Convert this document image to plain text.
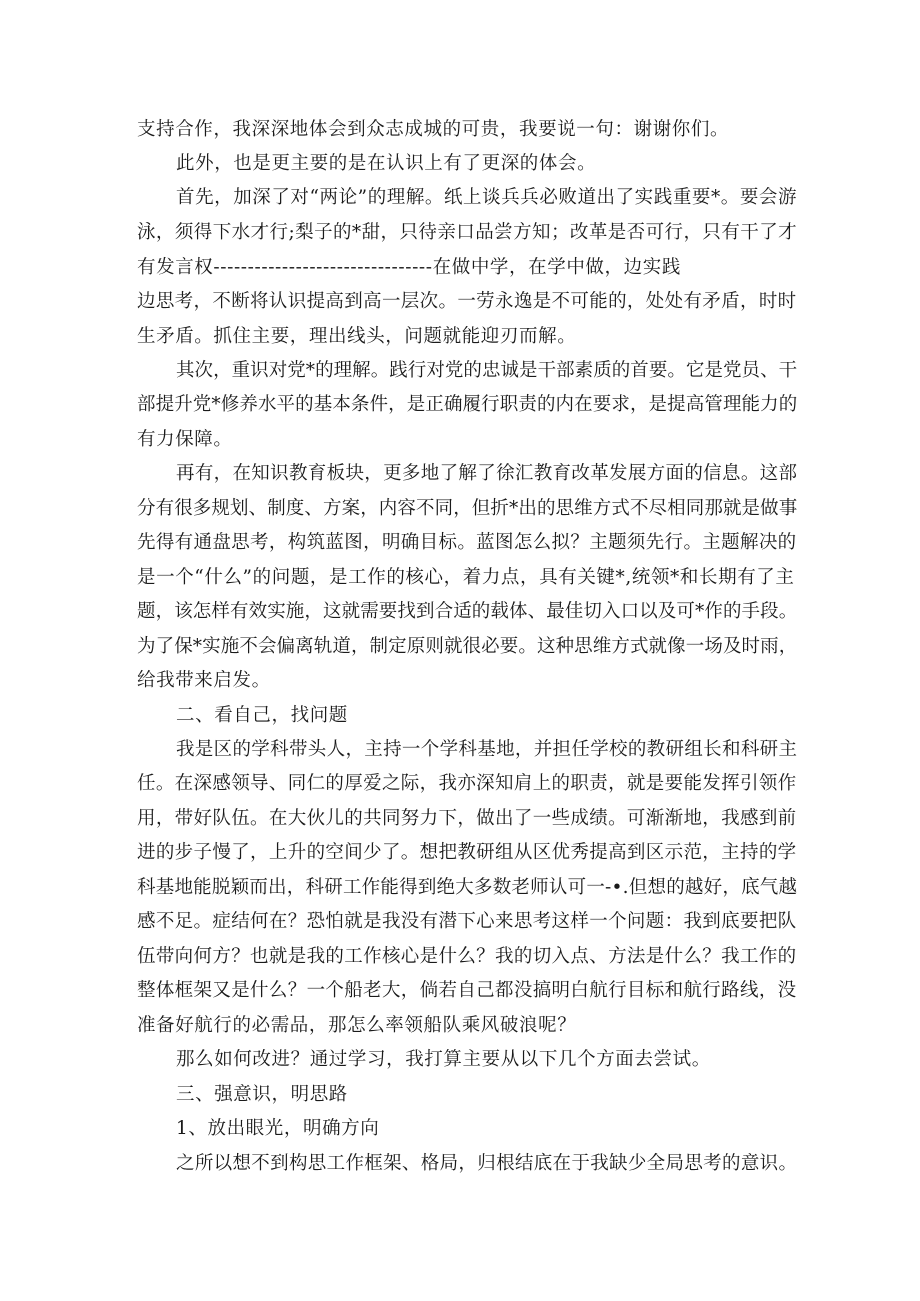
支持合作，我深深地体会到众志成城的可贵，我要说一句：谢谢你们。
此外，也是更主要的是在认识上有了更深的体会。
首先，加深了对“两论”的理解。纸上谈兵兵必败道出了实践重要*。要会游
泳，须得下水才行;梨子的*甜，只待亲口品尝方知；改革是否可行，只有干了才
有发言权--------------------------------在做中学，在学中做，边实践
边思考，不断将认识提高到高一层次。一劳永逸是不可能的，处处有矛盾，时时
生矛盾。抓住主要，理出线头，问题就能迎刃而解。
其次，重识对党*的理解。践行对党的忠诚是干部素质的首要。它是党员、干
部提升党*修养水平的基本条件，是正确履行职责的内在要求，是提高管理能力的
有力保障。
再有，在知识教育板块，更多地了解了徐汇教育改革发展方面的信息。这部
分有很多规划、制度、方案，内容不同，但折*出的思维方式不尽相同那就是做事
先得有通盘思考，构筑蓝图，明确目标。蓝图怎么拟？主题须先行。主题解决的
是一个“什么”的问题，是工作的核心，着力点，具有关键*,统领*和长期有了主
题，该怎样有效实施，这就需要找到合适的载体、最佳切入口以及可*作的手段。
为了保*实施不会偏离轨道，制定原则就很必要。这种思维方式就像一场及时雨，
给我带来启发。
二、看自己，找问题
我是区的学科带头人，主持一个学科基地，并担任学校的教研组长和科研主
任。在深感领导、同仁的厚爱之际，我亦深知肩上的职责，就是要能发挥引领作
用，带好队伍。在大伙儿的共同努力下，做出了一些成绩。可渐渐地，我感到前
进的步子慢了，上升的空间少了。想把教研组从区优秀提高到区示范，主持的学
科基地能脱颖而出，科研工作能得到绝大多数老师认可一-•.但想的越好，底气越
感不足。症结何在？恐怕就是我没有潜下心来思考这样一个问题：我到底要把队
伍带向何方？也就是我的工作核心是什么？我的切入点、方法是什么？我工作的
整体框架又是什么？一个船老大，倘若自己都没搞明白航行目标和航行路线，没
准备好航行的必需品，那怎么率领船队乘风破浪呢？
那么如何改进？通过学习，我打算主要从以下几个方面去尝试。
三、强意识，明思路
1、放出眼光，明确方向
之所以想不到构思工作框架、格局，归根结底在于我缺少全局思考的意识。
